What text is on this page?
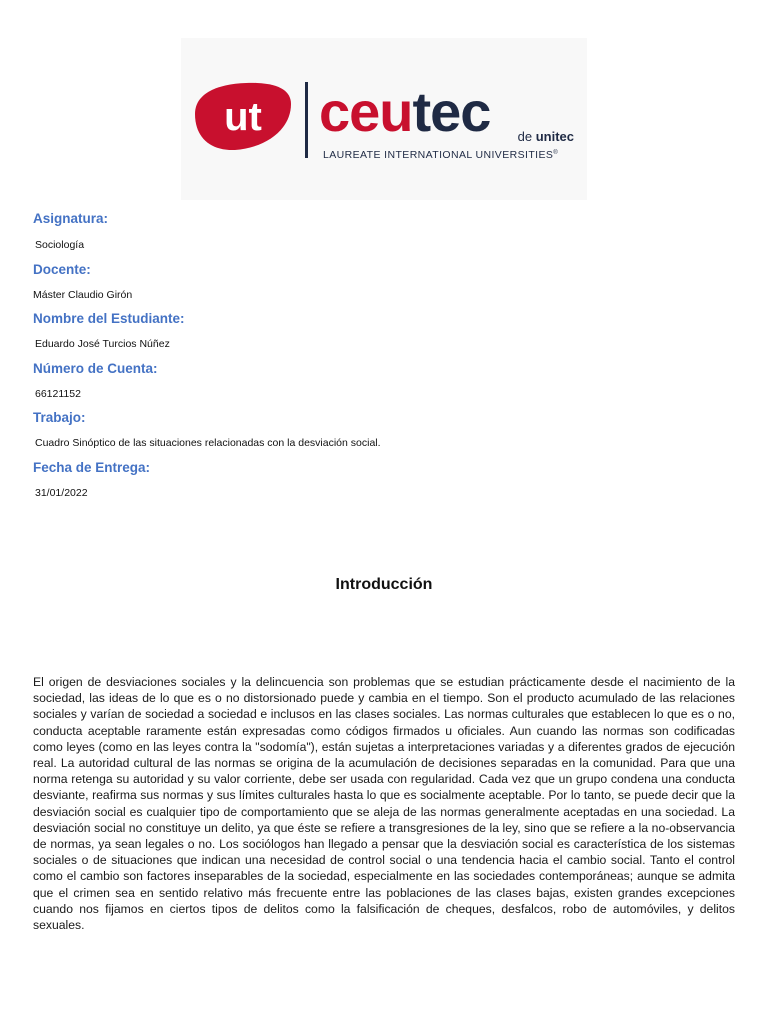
ut ceutec de unitec
LAUREATE INTERNATIONAL UNIVERSITIES®
Asignatura:
Sociología
Docente:
Máster Claudio Girón
Nombre del Estudiante:
Eduardo José Turcios Núñez
Número de Cuenta:
66121152
Trabajo:
Cuadro Sinóptico de las situaciones relacionadas con la desviación social.
Fecha de Entrega:
31/01/2022
Introducción

El origen de desviaciones sociales y la delincuencia son problemas que se estudian prácticamente desde el nacimiento de la sociedad, las ideas de lo que es o no distorsionado puede y cambia en el tiempo. Son el producto acumulado de las relaciones sociales y varían de sociedad a sociedad e inclusos en las clases sociales. Las normas culturales que establecen lo que es o no, conducta aceptable raramente están expresadas como códigos firmados u oficiales. Aun cuando las normas son codificadas como leyes (como en las leyes contra la "sodomía"), están sujetas a interpretaciones variadas y a diferentes grados de ejecución real. La autoridad cultural de las normas se origina de la acumulación de decisiones separadas en la comunidad. Para que una norma retenga su autoridad y su valor corriente, debe ser usada con regularidad. Cada vez que un grupo condena una conducta desviante, reafirma sus normas y sus límites culturales hasta lo que es socialmente aceptable. Por lo tanto, se puede decir que la desviación social es cualquier tipo de comportamiento que se aleja de las normas generalmente aceptadas en una sociedad. La desviación social no constituye un delito, ya que éste se refiere a transgresiones de la ley, sino que se refiere a la no-observancia de normas, ya sean legales o no. Los sociólogos han llegado a pensar que la desviación social es característica de los sistemas sociales o de situaciones que indican una necesidad de control social o una tendencia hacia el cambio social. Tanto el control como el cambio son factores inseparables de la sociedad, especialmente en las sociedades contemporáneas; aunque se admita que el crimen sea en sentido relativo más frecuente entre las poblaciones de las clases bajas, existen grandes excepciones cuando nos fijamos en ciertos tipos de delitos como la falsificación de cheques, desfalcos, robo de automóviles, y delitos sexuales.
